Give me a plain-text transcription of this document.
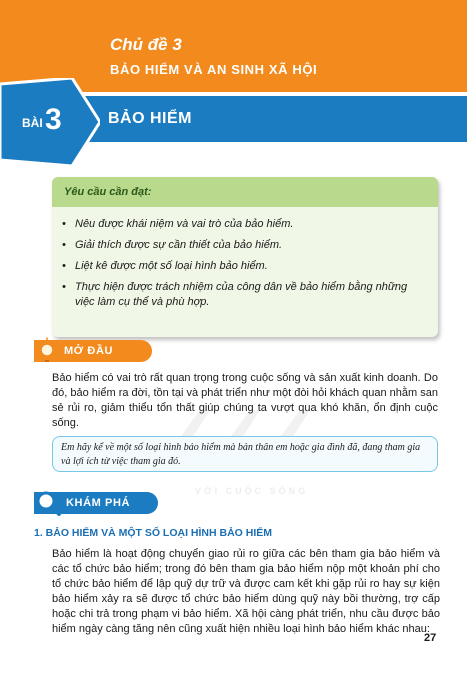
Chủ đề 3
BẢO HIỂM VÀ AN SINH XÃ HỘI
BÀI 3	BẢO HIỂM
Yêu cầu cần đạt:
• Nêu được khái niệm và vai trò của bảo hiểm.
• Giải thích được sự cần thiết của bảo hiểm.
• Liệt kê được một số loại hình bảo hiểm.
• Thực hiện được trách nhiệm của công dân về bảo hiểm bằng những việc làm cụ thể và phù hợp.
VỚI CUỘC SỐNG
MỞ ĐẦU
Bảo hiểm có vai trò rất quan trọng trong cuộc sống và sản xuất kinh doanh. Do đó, bảo hiểm ra đời, tồn tại và phát triển như một đòi hỏi khách quan nhằm san sẻ rủi ro, giảm thiểu tổn thất giúp chúng ta vượt qua khó khăn, ổn định cuộc sống.
Em hãy kể về một số loại hình bảo hiểm mà bản thân em hoặc gia đình đã, đang tham gia và lợi ích từ việc tham gia đó.
KHÁM PHÁ
1. BẢO HIỂM VÀ MỘT SỐ LOẠI HÌNH BẢO HIỂM
Bảo hiểm là hoạt động chuyển giao rủi ro giữa các bên tham gia bảo hiểm và các tổ chức bảo hiểm; trong đó bên tham gia bảo hiểm nộp một khoản phí cho tổ chức bảo hiểm để lập quỹ dự trữ và được cam kết khi gặp rủi ro hay sự kiện bảo hiểm xảy ra sẽ được tổ chức bảo hiểm dùng quỹ này bồi thường, trợ cấp hoặc chi trả trong phạm vi bảo hiểm. Xã hội càng phát triển, nhu cầu được bảo hiểm ngày càng tăng nên cũng xuất hiện nhiều loại hình bảo hiểm khác nhau:
27
